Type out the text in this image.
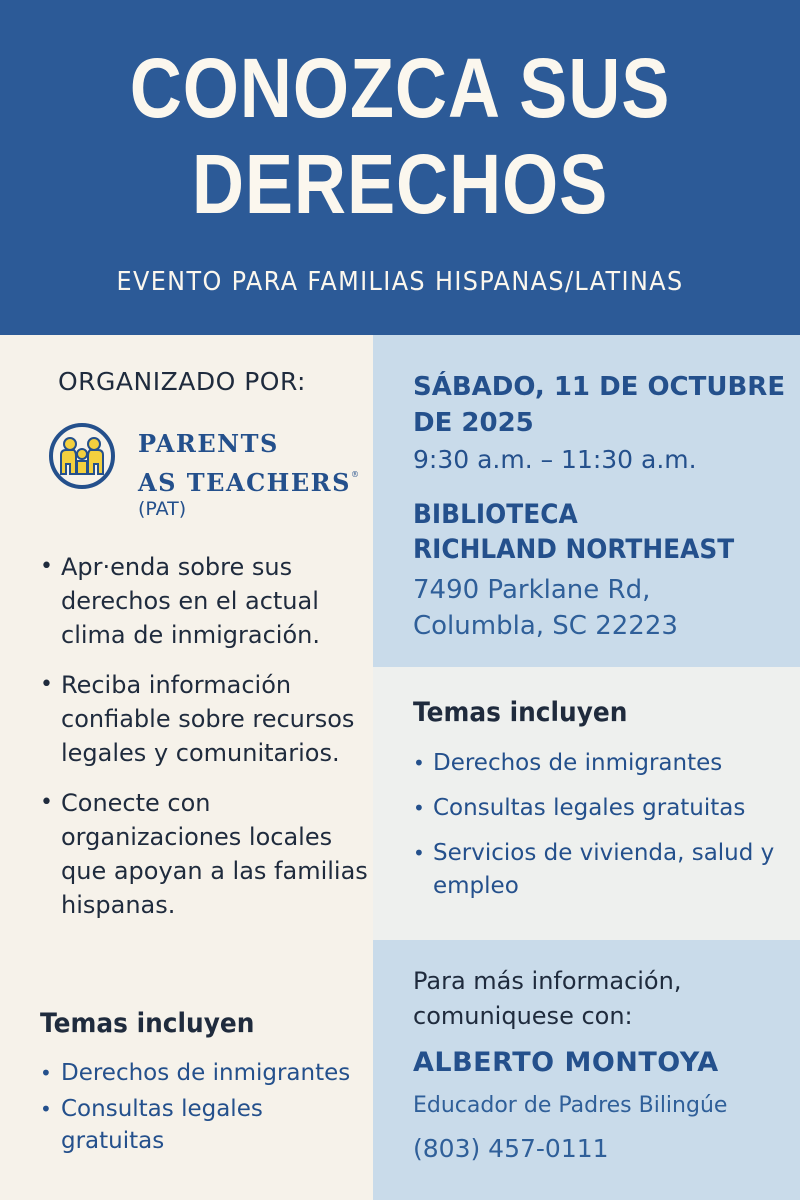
CONOZCA SUS
DERECHOS
EVENTO PARA FAMILIAS HISPANAS/LATINAS
ORGANIZADO POR:
PARENTS
AS TEACHERS®
(PAT)
• Apr·enda sobre sus derechos en el actual clima de inmigración.
• Reciba información confiable sobre recursos legales y comunitarios.
• Conecte con organizaciones locales que apoyan a las familias hispanas.
Temas incluyen
• Derechos de inmigrantes
• Consultas legales gratuitas
SÁBADO, 11 DE OCTUBRE DE 2025
9:30 a.m. – 11:30 a.m.
BIBLIOTECA
RICHLAND NORTHEAST
7490 Parklane Rd,
Columbla, SC 22223
Temas incluyen
• Derechos de inmigrantes
• Consultas legales gratuitas
• Servicios de vivienda, salud y empleo
Para más información,
comuniquese con:
ALBERTO MONTOYA
Educador de Padres Bilingúe
(803) 457-0111
